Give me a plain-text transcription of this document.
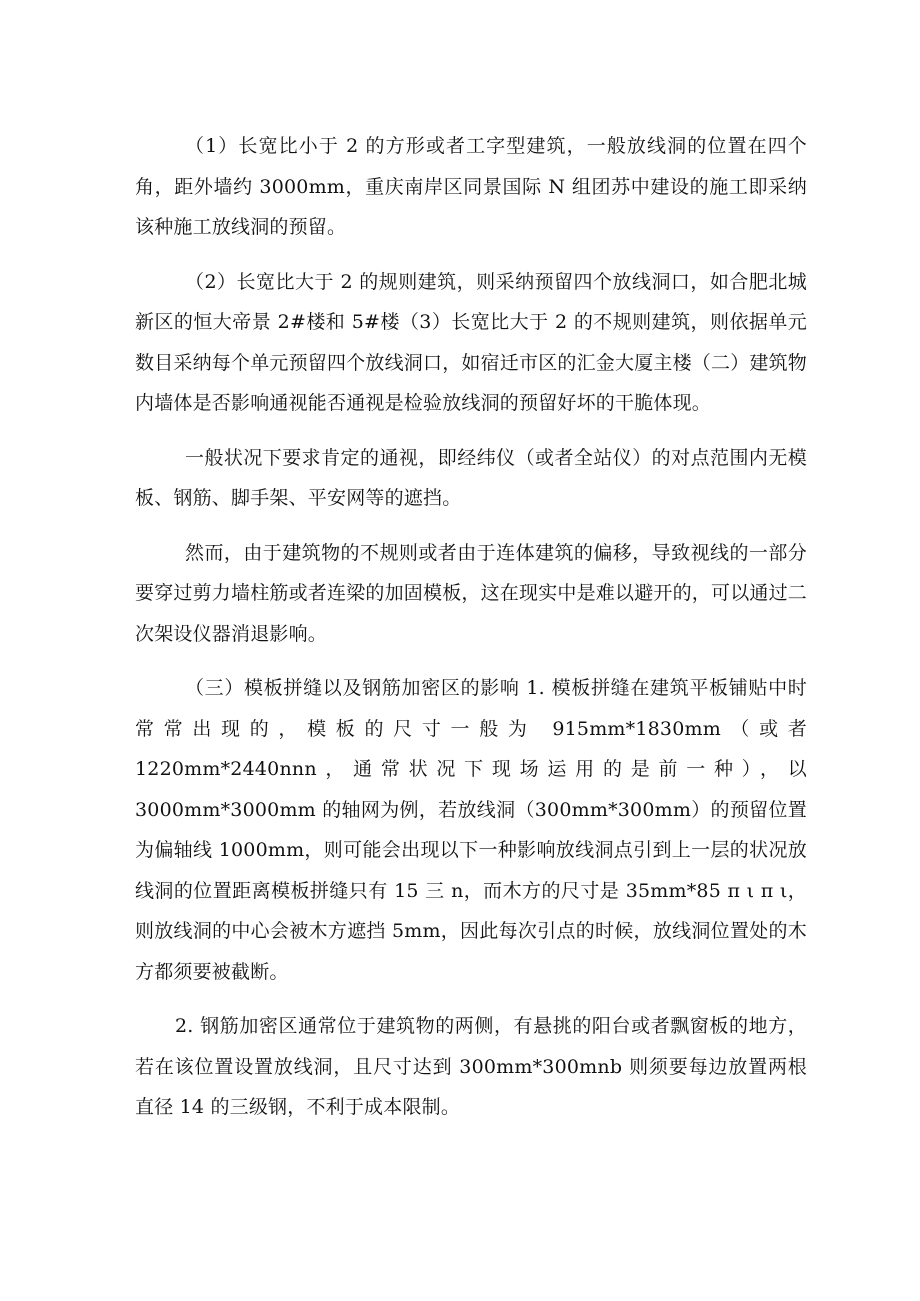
（1）长宽比小于 2 的方形或者工字型建筑，一般放线洞的位置在四个角，距外墙约 3000mm，重庆南岸区同景国际 N 组团苏中建设的施工即采纳该种施工放线洞的预留。

（2）长宽比大于 2 的规则建筑，则采纳预留四个放线洞口，如合肥北城新区的恒大帝景 2#楼和 5#楼（3）长宽比大于 2 的不规则建筑，则依据单元数目采纳每个单元预留四个放线洞口，如宿迁市区的汇金大厦主楼（二）建筑物内墙体是否影响通视能否通视是检验放线洞的预留好坏的干脆体现。

一般状况下要求肯定的通视，即经纬仪（或者全站仪）的对点范围内无模板、钢筋、脚手架、平安网等的遮挡。

然而，由于建筑物的不规则或者由于连体建筑的偏移，导致视线的一部分要穿过剪力墙柱筋或者连梁的加固模板，这在现实中是难以避开的，可以通过二次架设仪器消退影响。

（三）模板拼缝以及钢筋加密区的影响 1. 模板拼缝在建筑平板铺贴中时常常出现的，模板的尺寸一般为 915mm*1830mm（或者 1220mm*2440nnn，通常状况下现场运用的是前一种），以 3000mm*3000mm 的轴网为例，若放线洞（300mm*300mm）的预留位置为偏轴线 1000mm，则可能会出现以下一种影响放线洞点引到上一层的状况放线洞的位置距离模板拼缝只有 15 三 n，而木方的尺寸是 35mm*85 π ι π ι，则放线洞的中心会被木方遮挡 5mm，因此每次引点的时候，放线洞位置处的木方都须要被截断。

2. 钢筋加密区通常位于建筑物的两侧，有悬挑的阳台或者飘窗板的地方，若在该位置设置放线洞，且尺寸达到 300mm*300mnb 则须要每边放置两根直径 14 的三级钢，不利于成本限制。
